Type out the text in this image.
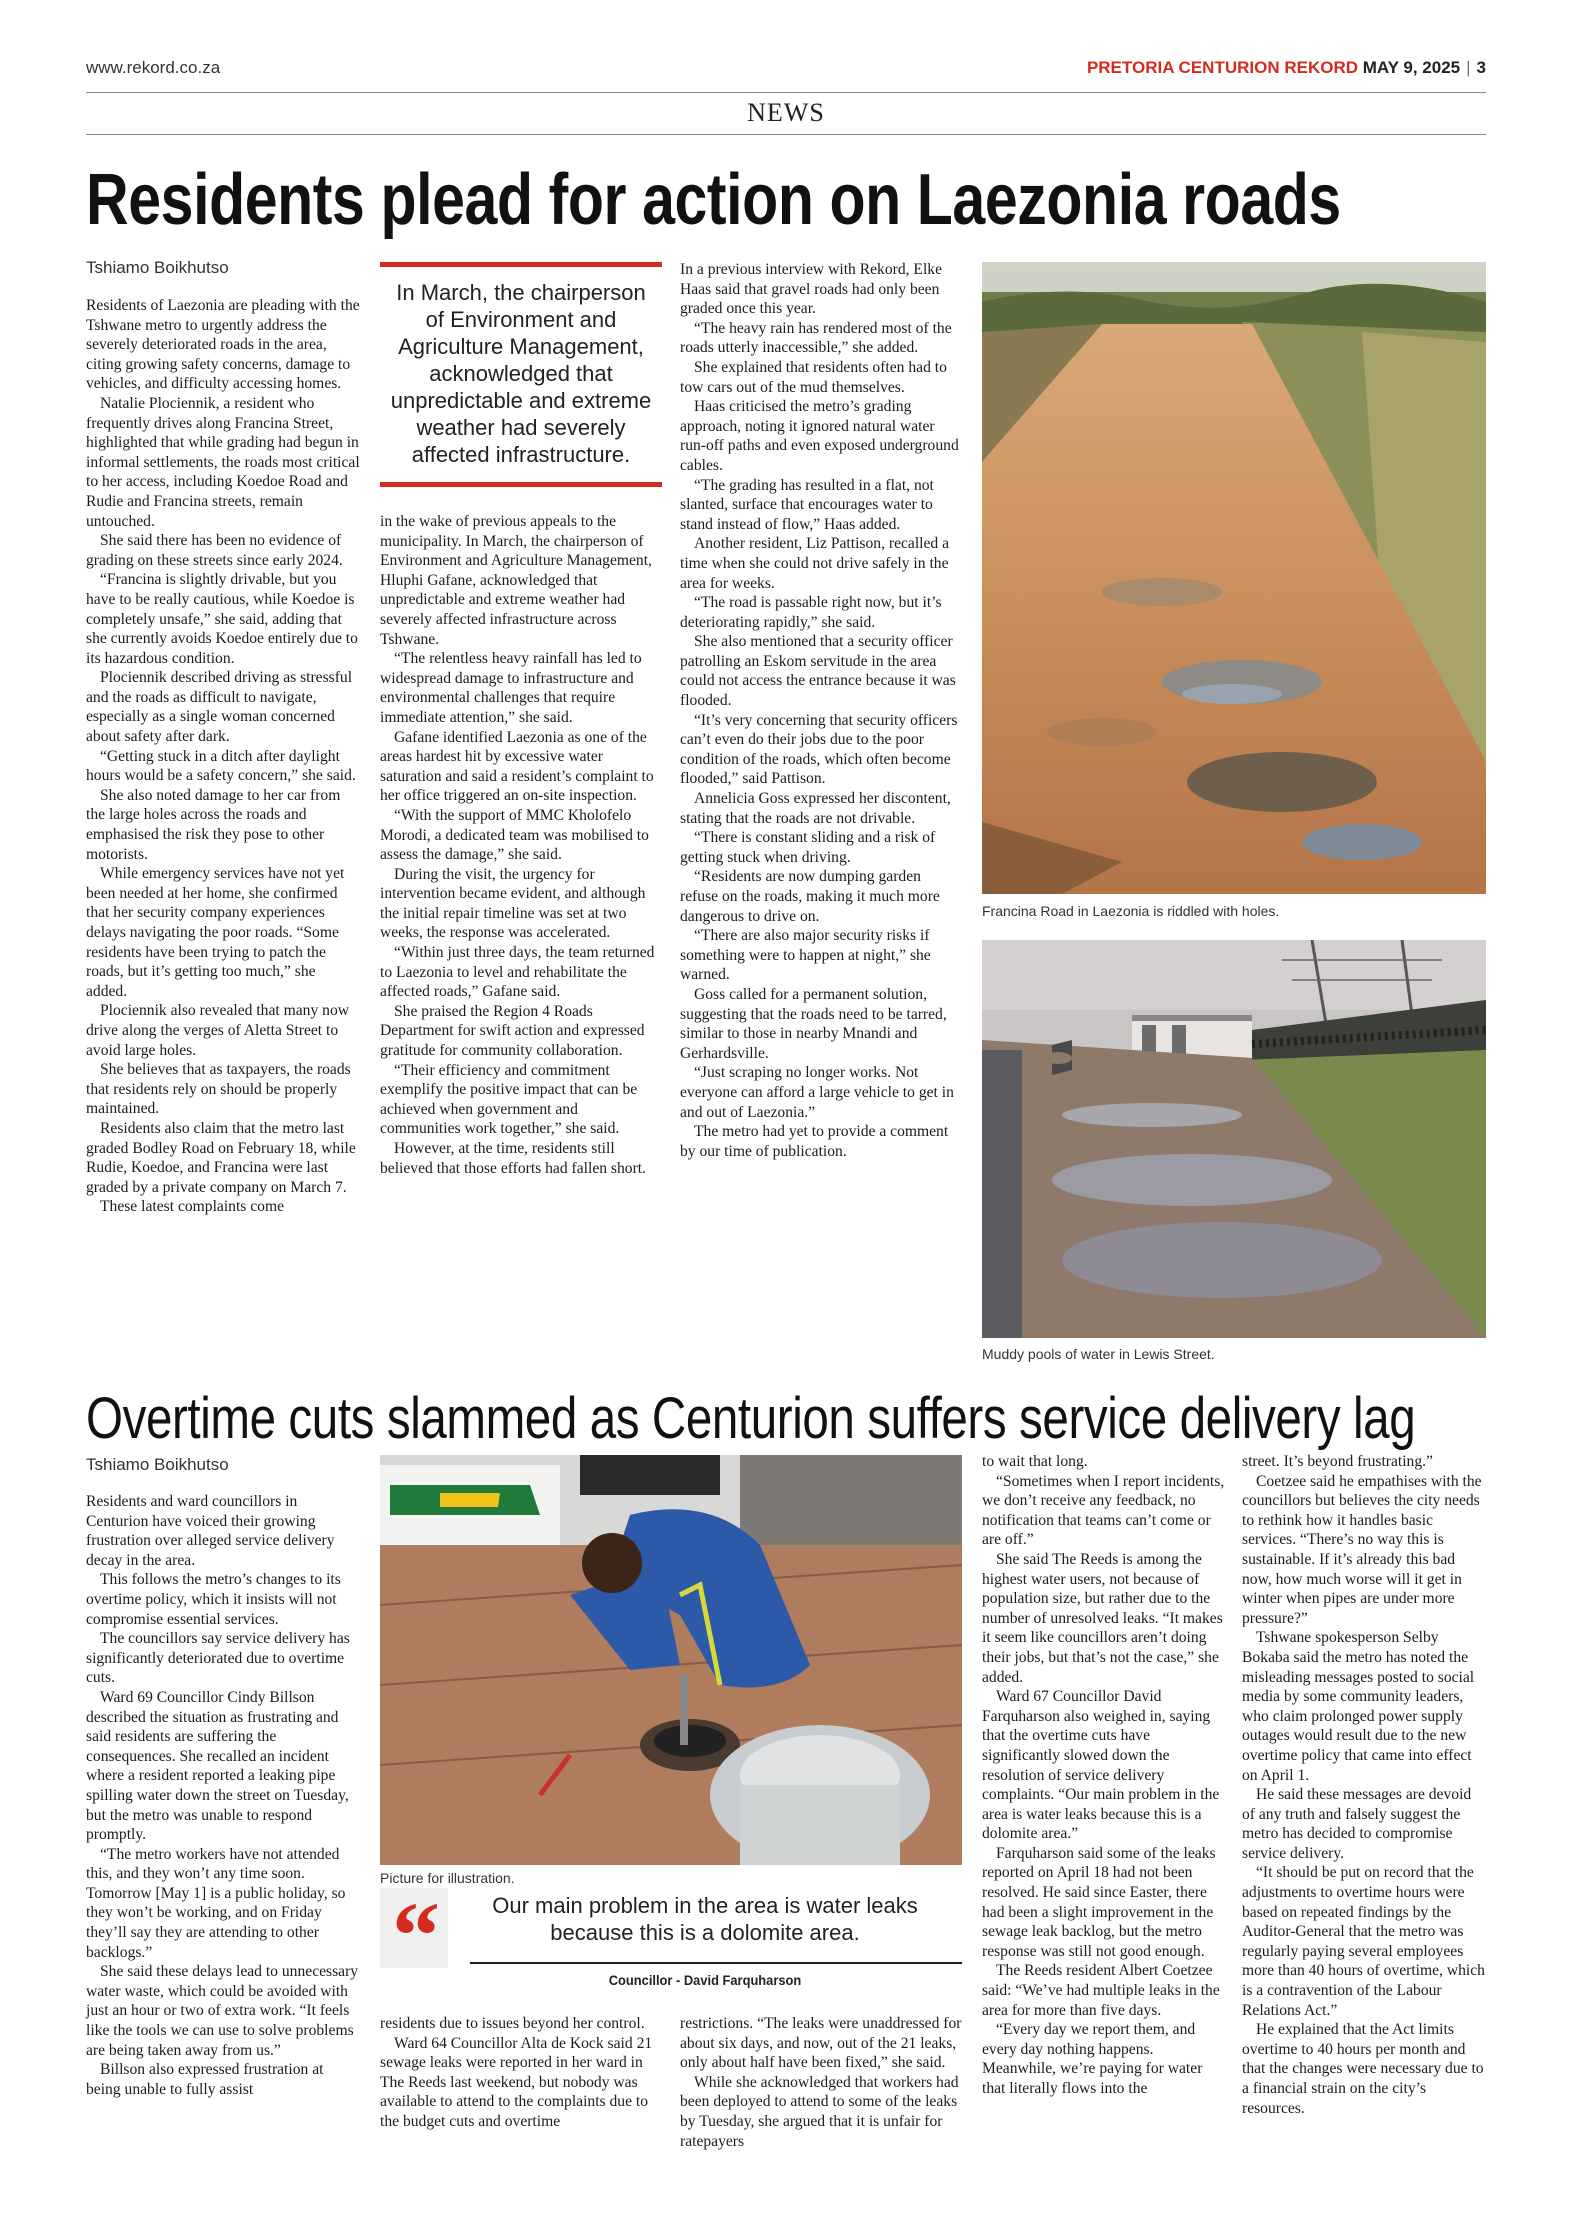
www.rekord.co.za	PRETORIA CENTURION REKORD MAY 9, 2025 | 3
NEWS
Residents plead for action on Laezonia roads
Tshiamo Boikhutso

Residents of Laezonia are pleading with the Tshwane metro to urgently address the severely deteriorated roads in the area, citing growing safety concerns, damage to vehicles, and difficulty accessing homes.

Natalie Plociennik, a resident who frequently drives along Francina Street, highlighted that while grading had begun in informal settlements, the roads most critical to her access, including Koedoe Road and Rudie and Francina streets, remain untouched.

She said there has been no evidence of grading on these streets since early 2024.

“Francina is slightly drivable, but you have to be really cautious, while Koedoe is completely unsafe,” she said, adding that she currently avoids Koedoe entirely due to its hazardous condition.

Plociennik described driving as stressful and the roads as difficult to navigate, especially as a single woman concerned about safety after dark.

“Getting stuck in a ditch after daylight hours would be a safety concern,” she said.

She also noted damage to her car from the large holes across the roads and emphasised the risk they pose to other motorists.

While emergency services have not yet been needed at her home, she confirmed that her security company experiences delays navigating the poor roads. “Some residents have been trying to patch the roads, but it’s getting too much,” she added.

Plociennik also revealed that many now drive along the verges of Aletta Street to avoid large holes.

She believes that as taxpayers, the roads that residents rely on should be properly maintained.

Residents also claim that the metro last graded Bodley Road on February 18, while Rudie, Koedoe, and Francina were last graded by a private company on March 7.

These latest complaints come

In March, the chairperson of Environment and Agriculture Management, acknowledged that unpredictable and extreme weather had severely affected infrastructure.

in the wake of previous appeals to the municipality. In March, the chairperson of Environment and Agriculture Management, Hluphi Gafane, acknowledged that unpredictable and extreme weather had severely affected infrastructure across Tshwane.

“The relentless heavy rainfall has led to widespread damage to infrastructure and environmental challenges that require immediate attention,” she said.

Gafane identified Laezonia as one of the areas hardest hit by excessive water saturation and said a resident’s complaint to her office triggered an on-site inspection.

“With the support of MMC Kholofelo Morodi, a dedicated team was mobilised to assess the damage,” she said.

During the visit, the urgency for intervention became evident, and although the initial repair timeline was set at two weeks, the response was accelerated.

“Within just three days, the team returned to Laezonia to level and rehabilitate the affected roads,” Gafane said.

She praised the Region 4 Roads Department for swift action and expressed gratitude for community collaboration.

“Their efficiency and commitment exemplify the positive impact that can be achieved when government and communities work together,” she said.

However, at the time, residents still believed that those efforts had fallen short.

In a previous interview with Rekord, Elke Haas said that gravel roads had only been graded once this year.

“The heavy rain has rendered most of the roads utterly inaccessible,” she added.

She explained that residents often had to tow cars out of the mud themselves.

Haas criticised the metro’s grading approach, noting it ignored natural water run-off paths and even exposed underground cables.

“The grading has resulted in a flat, not slanted, surface that encourages water to stand instead of flow,” Haas added.

Another resident, Liz Pattison, recalled a time when she could not drive safely in the area for weeks.

“The road is passable right now, but it’s deteriorating rapidly,” she said.

She also mentioned that a security officer patrolling an Eskom servitude in the area could not access the entrance because it was flooded.

“It’s very concerning that security officers can’t even do their jobs due to the poor condition of the roads, which often become flooded,” said Pattison.

Annelicia Goss expressed her discontent, stating that the roads are not drivable.

“There is constant sliding and a risk of getting stuck when driving.

“Residents are now dumping garden refuse on the roads, making it much more dangerous to drive on.

“There are also major security risks if something were to happen at night,” she warned.

Goss called for a permanent solution, suggesting that the roads need to be tarred, similar to those in nearby Mnandi and Gerhardsville.

“Just scraping no longer works. Not everyone can afford a large vehicle to get in and out of Laezonia.”

The metro had yet to provide a comment by our time of publication.

Francina Road in Laezonia is riddled with holes.
Muddy pools of water in Lewis Street.
Overtime cuts slammed as Centurion suffers service delivery lag
Tshiamo Boikhutso

Residents and ward councillors in Centurion have voiced their growing frustration over alleged service delivery decay in the area.

This follows the metro’s changes to its overtime policy, which it insists will not compromise essential services.

The councillors say service delivery has significantly deteriorated due to overtime cuts.

Ward 69 Councillor Cindy Billson described the situation as frustrating and said residents are suffering the consequences. She recalled an incident where a resident reported a leaking pipe spilling water down the street on Tuesday, but the metro was unable to respond promptly.

“The metro workers have not attended this, and they won’t any time soon. Tomorrow [May 1] is a public holiday, so they won’t be working, and on Friday they’ll say they are attending to other backlogs.”

She said these delays lead to unnecessary water waste, which could be avoided with just an hour or two of extra work. “It feels like the tools we can use to solve problems are being taken away from us.”

Billson also expressed frustration at being unable to fully assist

Picture for illustration.
“	Our main problem in the area is water leaks because this is a dolomite area.
Councillor - David Farquharson

residents due to issues beyond her control.

Ward 64 Councillor Alta de Kock said 21 sewage leaks were reported in her ward in The Reeds last weekend, but nobody was available to attend to the complaints due to the budget cuts and overtime

restrictions. “The leaks were unaddressed for about six days, and now, out of the 21 leaks, only about half have been fixed,” she said.

While she acknowledged that workers had been deployed to attend to some of the leaks by Tuesday, she argued that it is unfair for ratepayers

to wait that long.

“Sometimes when I report incidents, we don’t receive any feedback, no notification that teams can’t come or are off.”

She said The Reeds is among the highest water users, not because of population size, but rather due to the number of unresolved leaks. “It makes it seem like councillors aren’t doing their jobs, but that’s not the case,” she added.

Ward 67 Councillor David Farquharson also weighed in, saying that the overtime cuts have significantly slowed down the resolution of service delivery complaints. “Our main problem in the area is water leaks because this is a dolomite area.”

Farquharson said some of the leaks reported on April 18 had not been resolved. He said since Easter, there had been a slight improvement in the sewage leak backlog, but the metro response was still not good enough.

The Reeds resident Albert Coetzee said: “We’ve had multiple leaks in the area for more than five days.

“Every day we report them, and every day nothing happens. Meanwhile, we’re paying for water that literally flows into the

street. It’s beyond frustrating.”

Coetzee said he empathises with the councillors but believes the city needs to rethink how it handles basic services. “There’s no way this is sustainable. If it’s already this bad now, how much worse will it get in winter when pipes are under more pressure?”

Tshwane spokesperson Selby Bokaba said the metro has noted the misleading messages posted to social media by some community leaders, who claim prolonged power supply outages would result due to the new overtime policy that came into effect on April 1.

He said these messages are devoid of any truth and falsely suggest the metro has decided to compromise service delivery.

“It should be put on record that the adjustments to overtime hours were based on repeated findings by the Auditor-General that the metro was regularly paying several employees more than 40 hours of overtime, which is a contravention of the Labour Relations Act.”

He explained that the Act limits overtime to 40 hours per month and that the changes were necessary due to a financial strain on the city’s resources.
